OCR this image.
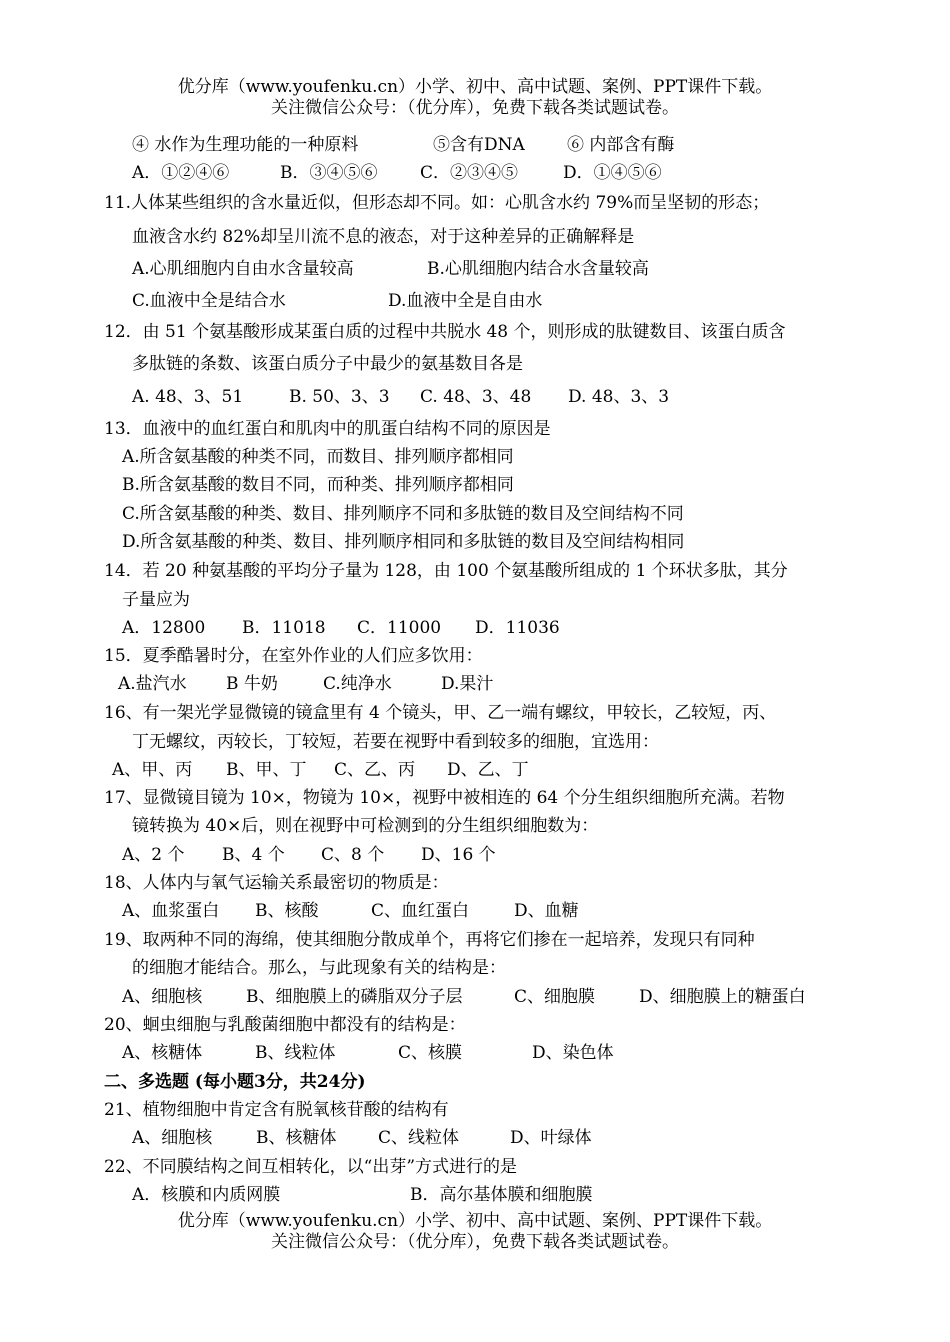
优分库（www.youfenku.cn）小学、初中、高中试题、案例、PPT课件下载。
关注微信公众号：（优分库），免费下载各类试题试卷。
④ 水作为生理功能的一种原料	⑤含有DNA ⑥ 内部含有酶
A．①②④⑥	B．③④⑤⑥	C．②③④⑤	D．①④⑤⑥
11.人体某些组织的含水量近似，但形态却不同。如：心肌含水约 79%而呈坚韧的形态；
血液含水约 82%却呈川流不息的液态，对于这种差异的正确解释是
A.心肌细胞内自由水含量较高	B.心肌细胞内结合水含量较高
C.血液中全是结合水	D.血液中全是自由水
12．由 51 个氨基酸形成某蛋白质的过程中共脱水 48 个，则形成的肽键数目、该蛋白质含
多肽链的条数、该蛋白质分子中最少的氨基数目各是
A. 48、3、51	B. 50、3、3 C. 48、3、48 D. 48、3、3
13．血液中的血红蛋白和肌肉中的肌蛋白结构不同的原因是
A.所含氨基酸的种类不同，而数目、排列顺序都相同
B.所含氨基酸的数目不同，而种类、排列顺序都相同
C.所含氨基酸的种类、数目、排列顺序不同和多肽链的数目及空间结构不同
D.所含氨基酸的种类、数目、排列顺序相同和多肽链的数目及空间结构相同
14．若 20 种氨基酸的平均分子量为 128，由 100 个氨基酸所组成的 1 个环状多肽，其分
子量应为
A．12800 B．11018 C．11000 D．11036
15．夏季酷暑时分，在室外作业的人们应多饮用：
A.盐汽水 B 牛奶	C.纯净水	D.果汁
16、有一架光学显微镜的镜盒里有 4 个镜头，甲、乙一端有螺纹，甲较长，乙较短，丙、
丁无螺纹，丙较长，丁较短，若要在视野中看到较多的细胞，宜选用：
A、甲、丙 B、甲、丁 C、乙、丙 D、乙、丁
17、显微镜目镜为 10×，物镜为 10×，视野中被相连的 64 个分生组织细胞所充满。若物
镜转换为 40×后，则在视野中可检测到的分生组织细胞数为：
A、2 个 B、4 个 C、8 个 D、16 个
18、人体内与氧气运输关系最密切的物质是：
A、血浆蛋白 B、核酸	C、血红蛋白	D、血糖
19、取两种不同的海绵，使其细胞分散成单个，再将它们掺在一起培养，发现只有同种
的细胞才能结合。那么，与此现象有关的结构是：
A、细胞核	B、细胞膜上的磷脂双分子层	C、细胞膜	D、细胞膜上的糖蛋白
20、蛔虫细胞与乳酸菌细胞中都没有的结构是：
A、核糖体	B、线粒体	C、核膜	D、染色体
二、多选题 (每小题3分，共24分)
21、植物细胞中肯定含有脱氧核苷酸的结构有
A、细胞核	B、核糖体 C、线粒体	D、叶绿体
22、不同膜结构之间互相转化，以“出芽”方式进行的是
A．核膜和内质网膜	B．高尔基体膜和细胞膜
优分库（www.youfenku.cn）小学、初中、高中试题、案例、PPT课件下载。
关注微信公众号：（优分库），免费下载各类试题试卷。
